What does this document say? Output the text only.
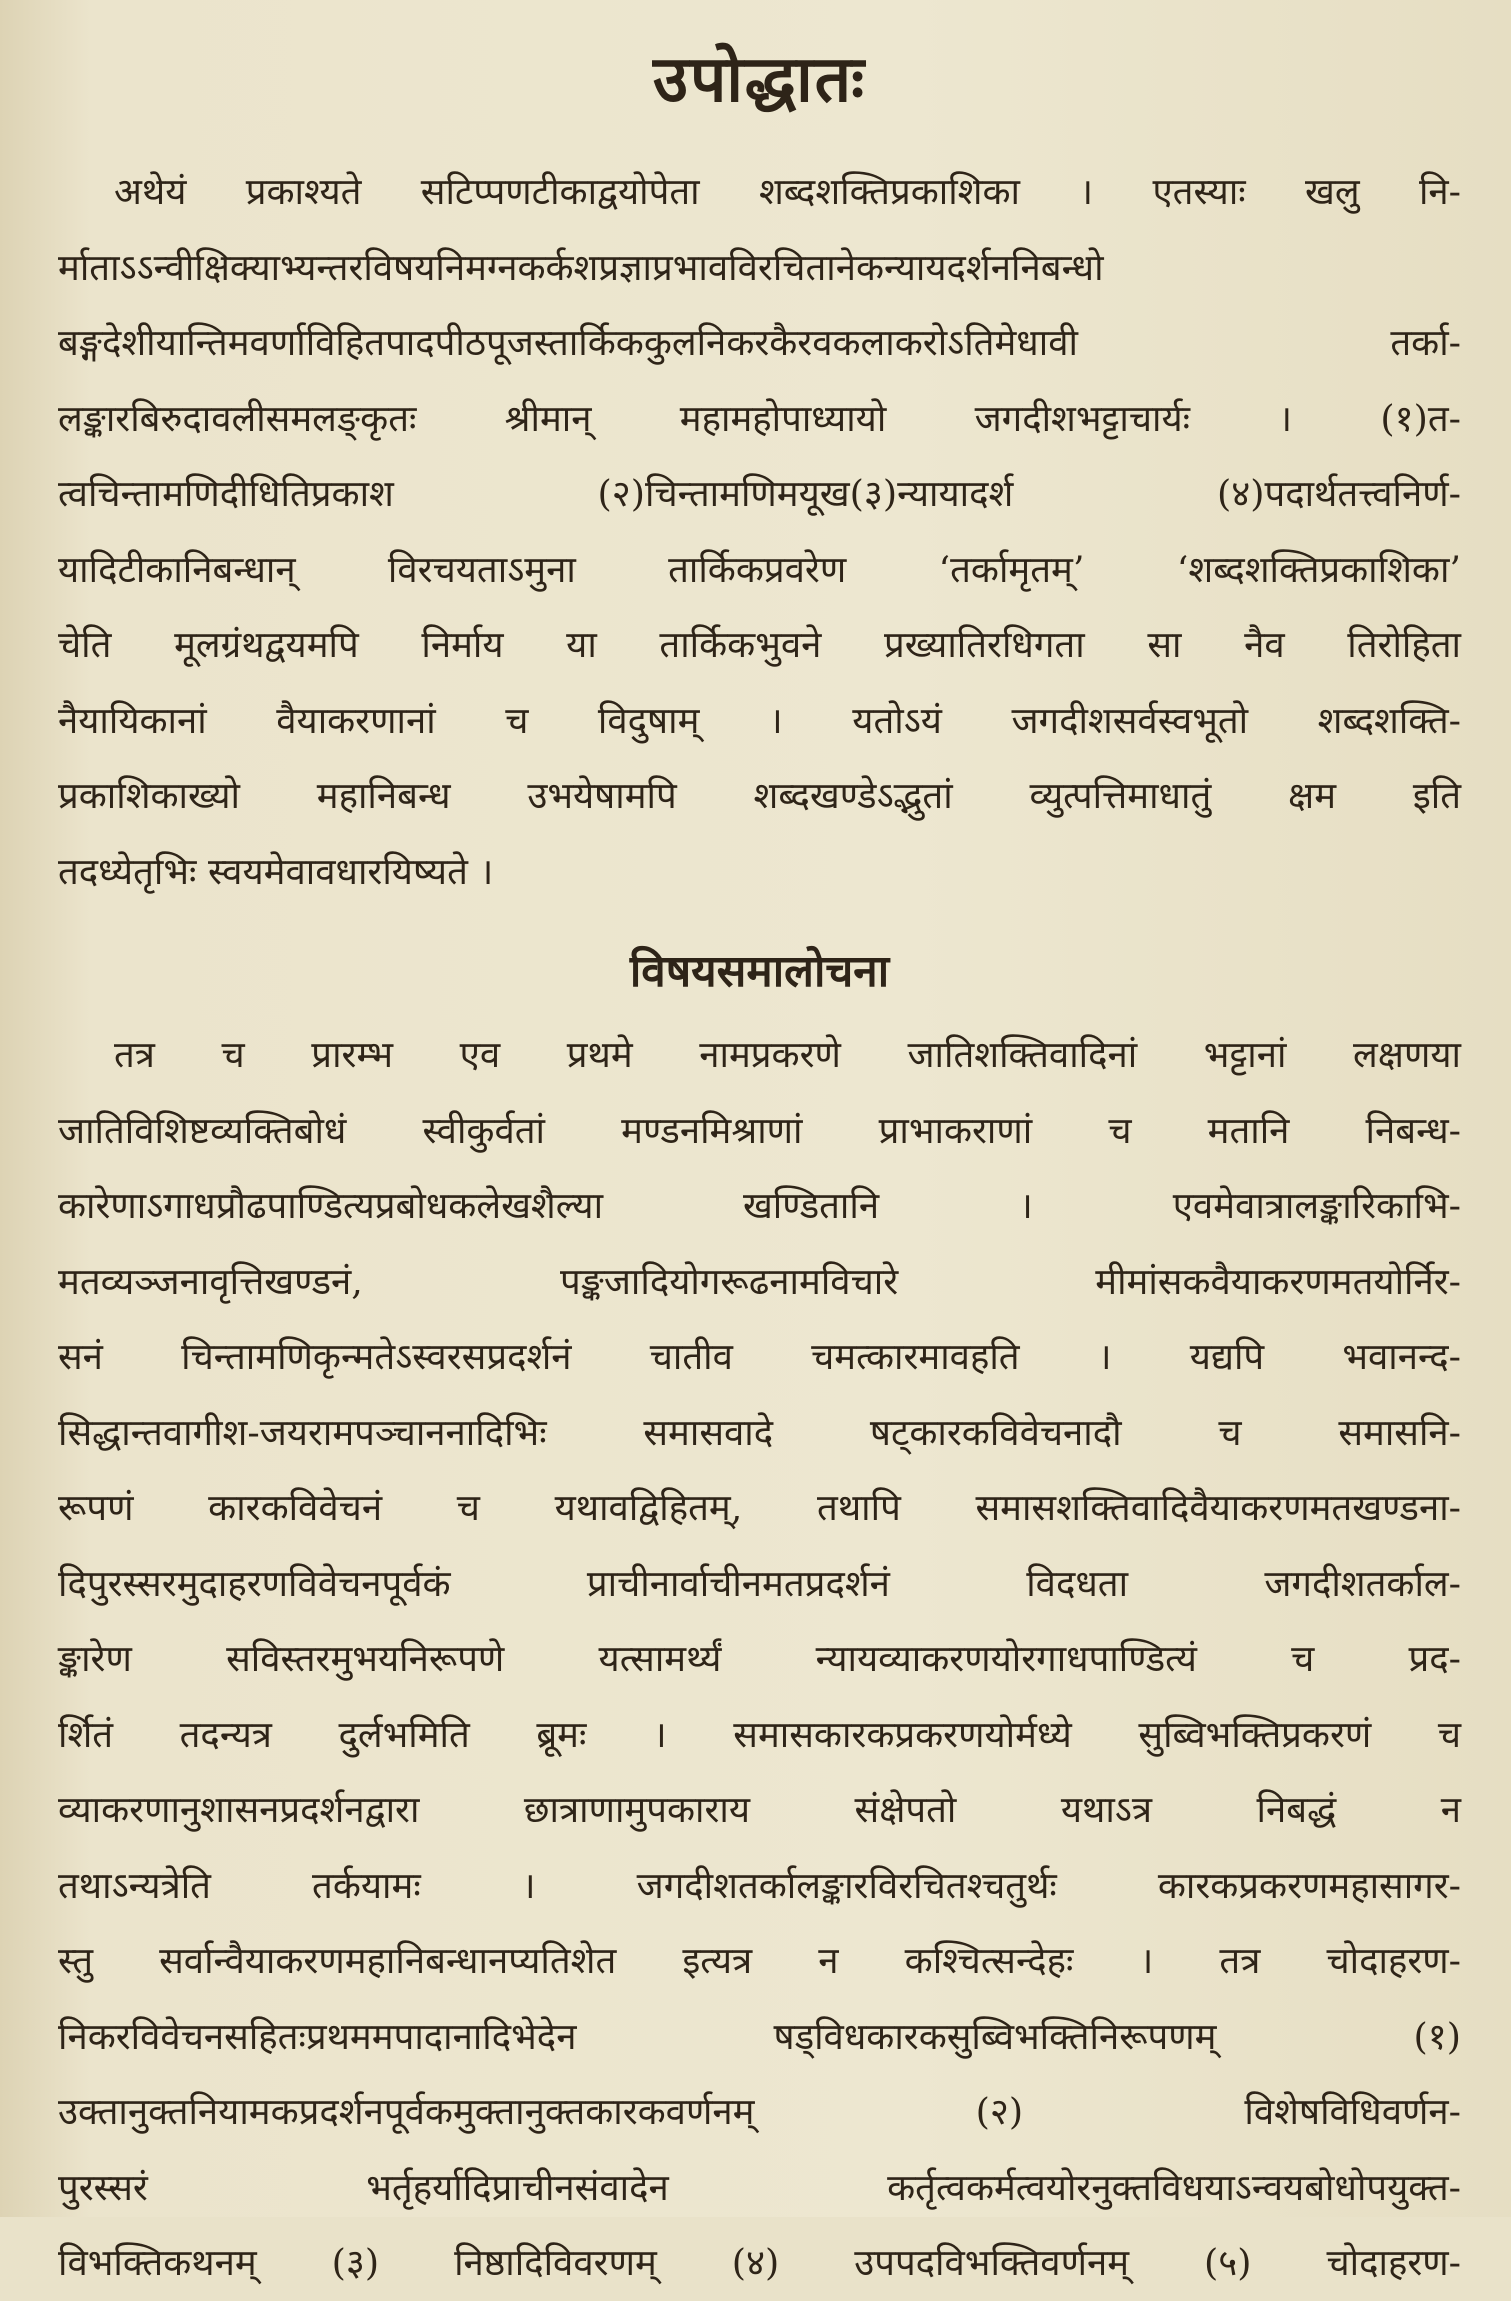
उपोद्धातः
अथेयं प्रकाश्यते सटिप्पणटीकाद्वयोपेता शब्दशक्तिप्रकाशिका । एतस्याः खलु नि-
र्माताऽऽन्वीक्षिक्याभ्यन्तरविषयनिमग्नकर्कशप्रज्ञाप्रभावविरचितानेकन्यायदर्शननिबन्धो
बङ्गदेशीयान्तिमवर्णाविहितपादपीठपूजस्तार्किककुलनिकरकैरवकलाकरोऽतिमेधावी तर्का-
लङ्कारबिरुदावलीसमलङ्कृतः श्रीमान् महामहोपाध्यायो जगदीशभट्टाचार्यः । (१)त-
त्वचिन्तामणिदीधितिप्रकाश (२)चिन्तामणिमयूख(३)न्यायादर्श (४)पदार्थतत्त्वनिर्ण-
यादिटीकानिबन्धान् विरचयताऽमुना तार्किकप्रवरेण ‘तर्कामृतम्’ ‘शब्दशक्तिप्रकाशिका’
चेति मूलग्रंथद्वयमपि निर्माय या तार्किकभुवने प्रख्यातिरधिगता सा नैव तिरोहिता
नैयायिकानां वैयाकरणानां च विदुषाम् । यतोऽयं जगदीशसर्वस्वभूतो शब्दशक्ति-
प्रकाशिकाख्यो महानिबन्ध उभयेषामपि शब्दखण्डेऽद्भुतां व्युत्पत्तिमाधातुं क्षम इति
तदध्येतृभिः स्वयमेवावधारयिष्यते ।
विषयसमालोचना
तत्र च प्रारम्भ एव प्रथमे नामप्रकरणे जातिशक्तिवादिनां भट्टानां लक्षणया
जातिविशिष्टव्यक्तिबोधं स्वीकुर्वतां मण्डनमिश्राणां प्राभाकराणां च मतानि निबन्ध-
कारेणाऽगाधप्रौढपाण्डित्यप्रबोधकलेखशैल्या खण्डितानि । एवमेवात्रालङ्कारिकाभि-
मतव्यञ्जनावृत्तिखण्डनं, पङ्कजादियोगरूढनामविचारे मीमांसकवैयाकरणमतयोर्निर-
सनं चिन्तामणिकृन्मतेऽस्वरसप्रदर्शनं चातीव चमत्कारमावहति । यद्यपि भवानन्द-
सिद्धान्तवागीश-जयरामपञ्चाननादिभिः समासवादे षट्कारकविवेचनादौ च समासनि-
रूपणं कारकविवेचनं च यथावद्विहितम्, तथापि समासशक्तिवादिवैयाकरणमतखण्डना-
दिपुरस्सरमुदाहरणविवेचनपूर्वकं प्राचीनार्वाचीनमतप्रदर्शनं विदधता जगदीशतर्काल-
ङ्कारेण सविस्तरमुभयनिरूपणे यत्सामर्थ्यं न्यायव्याकरणयोरगाधपाण्डित्यं च प्रद-
र्शितं तदन्यत्र दुर्लभमिति ब्रूमः । समासकारकप्रकरणयोर्मध्ये सुब्विभक्तिप्रकरणं च
व्याकरणानुशासनप्रदर्शनद्वारा छात्राणामुपकाराय संक्षेपतो यथाऽत्र निबद्धं न
तथाऽन्यत्रेति तर्कयामः । जगदीशतर्कालङ्कारविरचितश्चतुर्थः कारकप्रकरणमहासागर-
स्तु सर्वान्वैयाकरणमहानिबन्धानप्यतिशेत इत्यत्र न कश्चित्सन्देहः । तत्र चोदाहरण-
निकरविवेचनसहितःप्रथममपादानादिभेदेन षड्विधकारकसुब्विभक्तिनिरूपणम् (१)
उक्तानुक्तनियामकप्रदर्शनपूर्वकमुक्तानुक्तकारकवर्णनम् (२) विशेषविधिवर्णन-
पुरस्सरं भर्तृहर्यादिप्राचीनसंवादेन कर्तृत्वकर्मत्वयोरनुक्तविधयाऽन्वयबोधोपयुक्त-
विभक्तिकथनम् (३) निष्ठादिविवरणम् (४) उपपदविभक्तिवर्णनम् (५) चोदाहरण-
